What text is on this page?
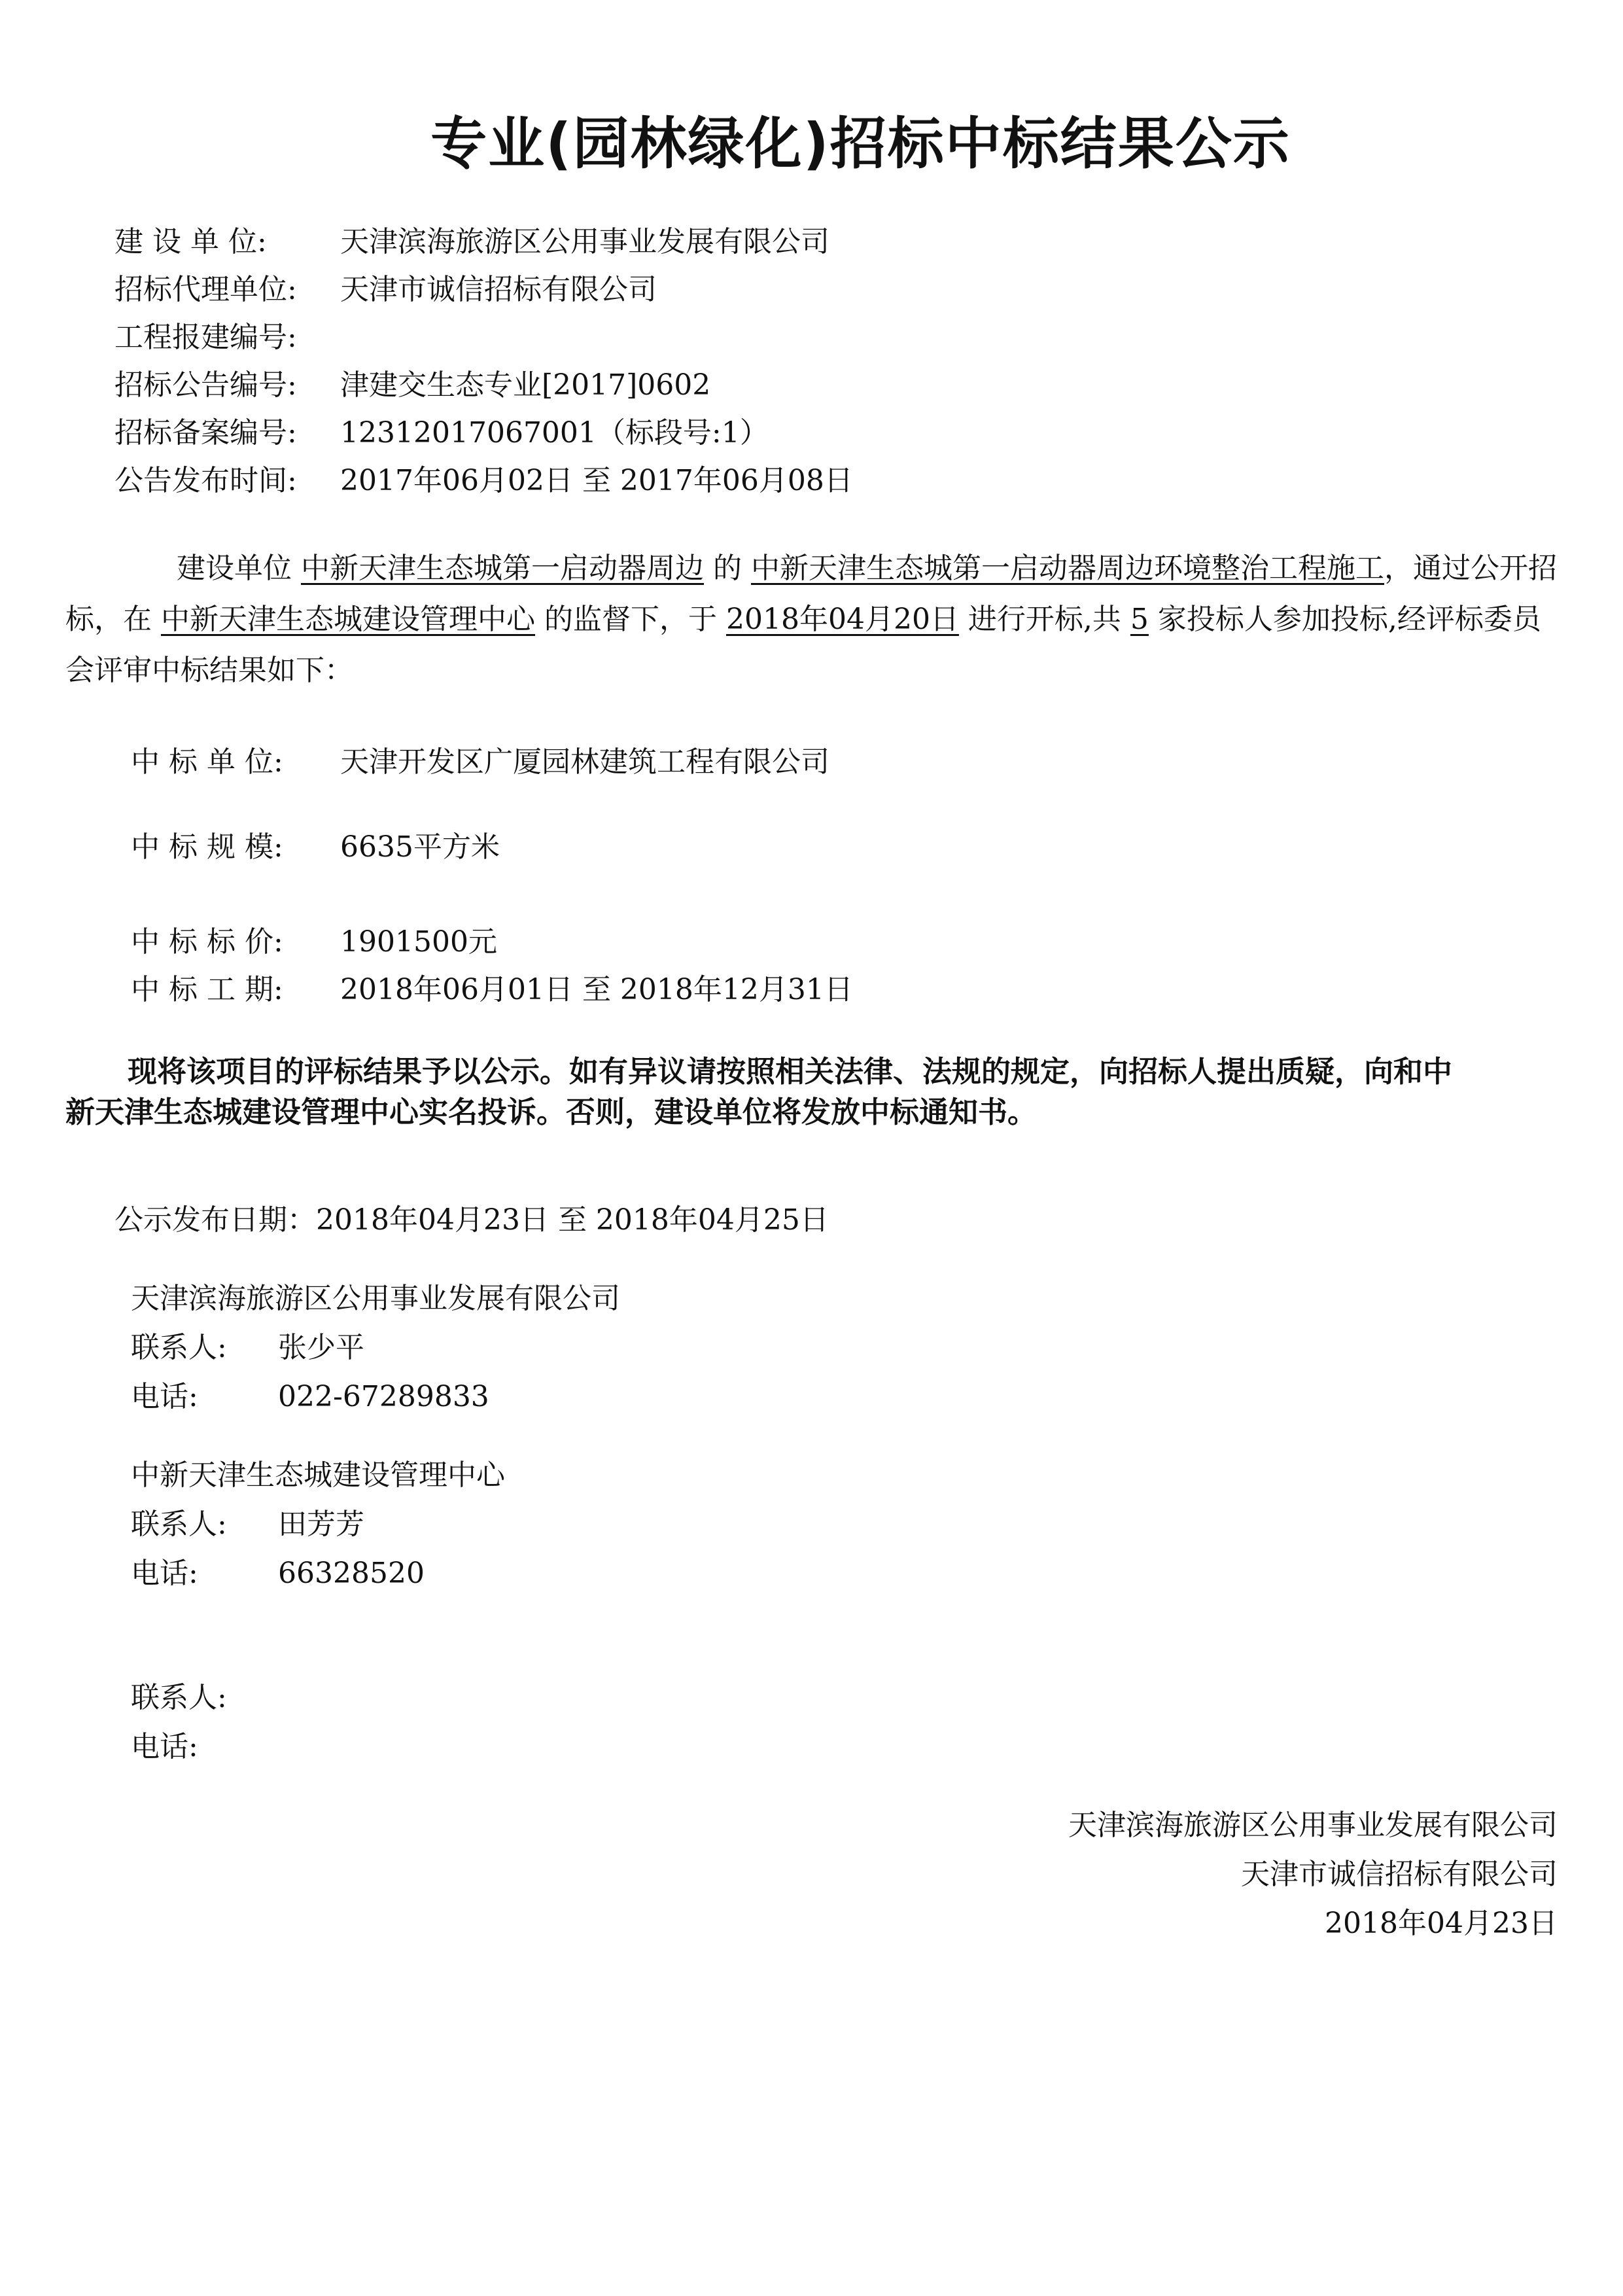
专业(园林绿化)招标中标结果公示
建 设 单 位:	天津滨海旅游区公用事业发展有限公司
招标代理单位: 天津市诚信招标有限公司
工程报建编号:
招标公告编号: 津建交生态专业[2017]0602
招标备案编号: 12312017067001（标段号:1）
公告发布时间: 2017年06月02日 至 2017年06月08日
建设单位 中新天津生态城第一启动器周边 的 中新天津生态城第一启动器周边环境整治工程施工，通过公开招标，在 中新天津生态城建设管理中心 的监督下，于 2018年04月20日 进行开标,共 5 家投标人参加投标,经评标委员会评审中标结果如下：
中 标 单 位: 天津开发区广厦园林建筑工程有限公司
中 标 规 模: 6635平方米
中 标 标 价: 1901500元
中 标 工 期: 2018年06月01日 至 2018年12月31日
现将该项目的评标结果予以公示。如有异议请按照相关法律、法规的规定，向招标人提出质疑，向和中新天津生态城建设管理中心实名投诉。否则，建设单位将发放中标通知书。
公示发布日期：2018年04月23日 至 2018年04月25日
天津滨海旅游区公用事业发展有限公司
联系人: 张少平
电话:	022-67289833
中新天津生态城建设管理中心
联系人: 田芳芳
电话:	66328520
联系人:
电话:
天津滨海旅游区公用事业发展有限公司
天津市诚信招标有限公司
2018年04月23日
